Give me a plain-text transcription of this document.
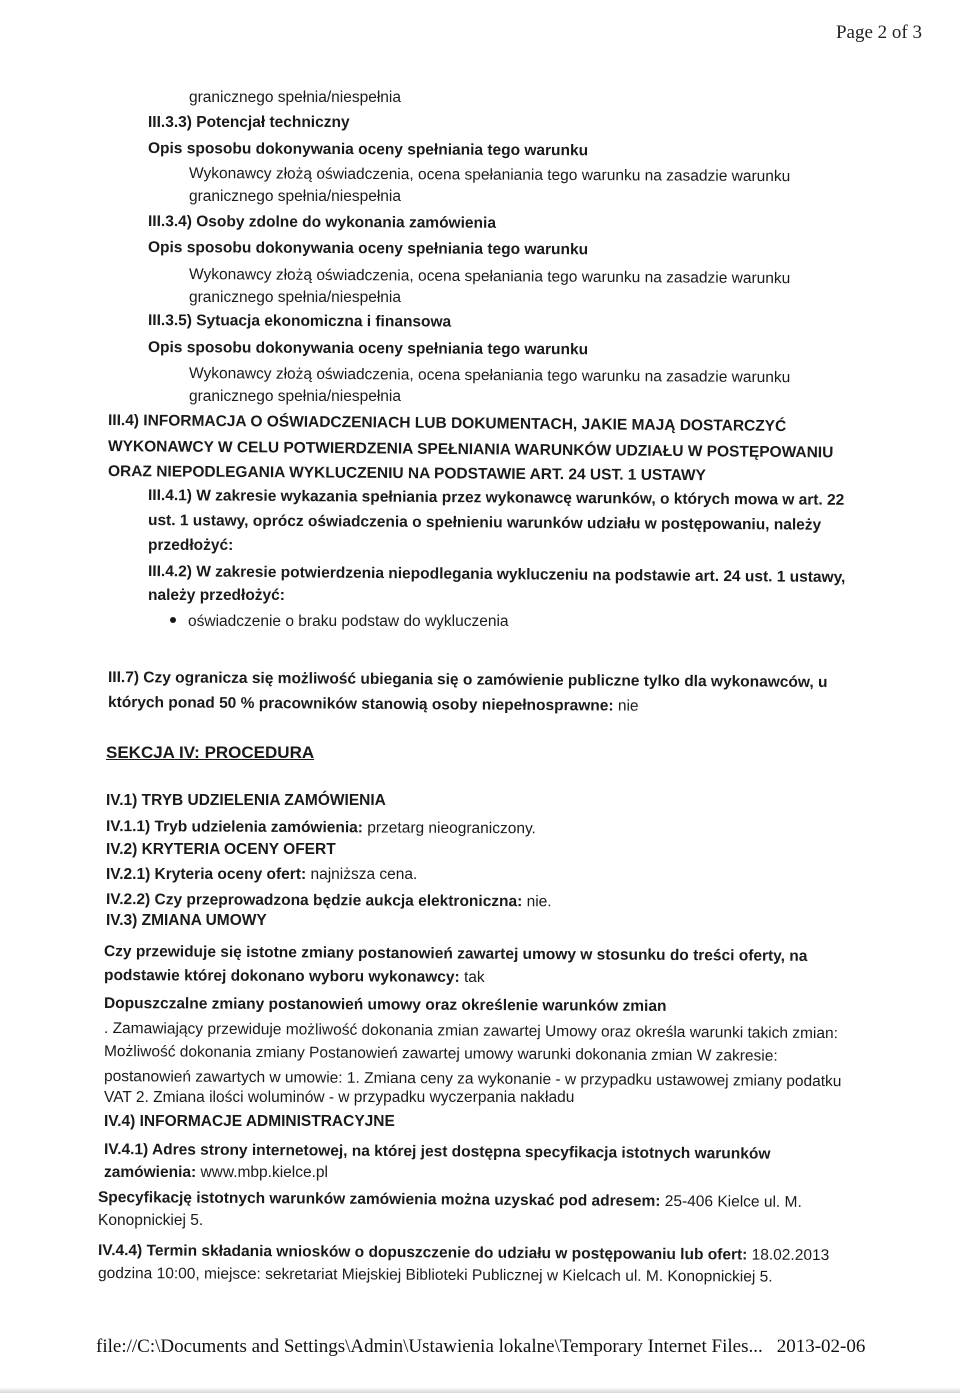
Page 2 of 3
granicznego spełnia/niespełnia
III.3.3) Potencjał techniczny
Opis sposobu dokonywania oceny spełniania tego warunku
Wykonawcy złożą oświadczenia, ocena spełaniania tego warunku na zasadzie warunku
granicznego spełnia/niespełnia
III.3.4) Osoby zdolne do wykonania zamówienia
Opis sposobu dokonywania oceny spełniania tego warunku
Wykonawcy złożą oświadczenia, ocena spełaniania tego warunku na zasadzie warunku
granicznego spełnia/niespełnia
III.3.5) Sytuacja ekonomiczna i finansowa
Opis sposobu dokonywania oceny spełniania tego warunku
Wykonawcy złożą oświadczenia, ocena spełaniania tego warunku na zasadzie warunku
granicznego spełnia/niespełnia
III.4) INFORMACJA O OŚWIADCZENIACH LUB DOKUMENTACH, JAKIE MAJĄ DOSTARCZYĆ
WYKONAWCY W CELU POTWIERDZENIA SPEŁNIANIA WARUNKÓW UDZIAŁU W POSTĘPOWANIU
ORAZ NIEPODLEGANIA WYKLUCZENIU NA PODSTAWIE ART. 24 UST. 1 USTAWY
III.4.1) W zakresie wykazania spełniania przez wykonawcę warunków, o których mowa w art. 22
ust. 1 ustawy, oprócz oświadczenia o spełnieniu warunków udziału w postępowaniu, należy
przedłożyć:
III.4.2) W zakresie potwierdzenia niepodlegania wykluczeniu na podstawie art. 24 ust. 1 ustawy,
należy przedłożyć:
oświadczenie o braku podstaw do wykluczenia
III.7) Czy ogranicza się możliwość ubiegania się o zamówienie publiczne tylko dla wykonawców, u
których ponad 50 % pracowników stanowią osoby niepełnosprawne: nie
SEKCJA IV: PROCEDURA
IV.1) TRYB UDZIELENIA ZAMÓWIENIA
IV.1.1) Tryb udzielenia zamówienia: przetarg nieograniczony.
IV.2) KRYTERIA OCENY OFERT
IV.2.1) Kryteria oceny ofert: najniższa cena.
IV.2.2) Czy przeprowadzona będzie aukcja elektroniczna: nie.
IV.3) ZMIANA UMOWY
Czy przewiduje się istotne zmiany postanowień zawartej umowy w stosunku do treści oferty, na
podstawie której dokonano wyboru wykonawcy: tak
Dopuszczalne zmiany postanowień umowy oraz określenie warunków zmian
. Zamawiający przewiduje możliwość dokonania zmian zawartej Umowy oraz określa warunki takich zmian:
Możliwość dokonania zmiany Postanowień zawartej umowy warunki dokonania zmian W zakresie:
postanowień zawartych w umowie: 1. Zmiana ceny za wykonanie - w przypadku ustawowej zmiany podatku
VAT 2. Zmiana ilości woluminów - w przypadku wyczerpania nakładu
IV.4) INFORMACJE ADMINISTRACYJNE
IV.4.1) Adres strony internetowej, na której jest dostępna specyfikacja istotnych warunków
zamówienia: www.mbp.kielce.pl
Specyfikację istotnych warunków zamówienia można uzyskać pod adresem: 25-406 Kielce ul. M.
Konopnickiej 5.
IV.4.4) Termin składania wniosków o dopuszczenie do udziału w postępowaniu lub ofert: 18.02.2013
godzina 10:00, miejsce: sekretariat Miejskiej Biblioteki Publicznej w Kielcach ul. M. Konopnickiej 5.
file://C:\Documents and Settings\Admin\Ustawienia lokalne\Temporary Internet Files... 2013-02-06
